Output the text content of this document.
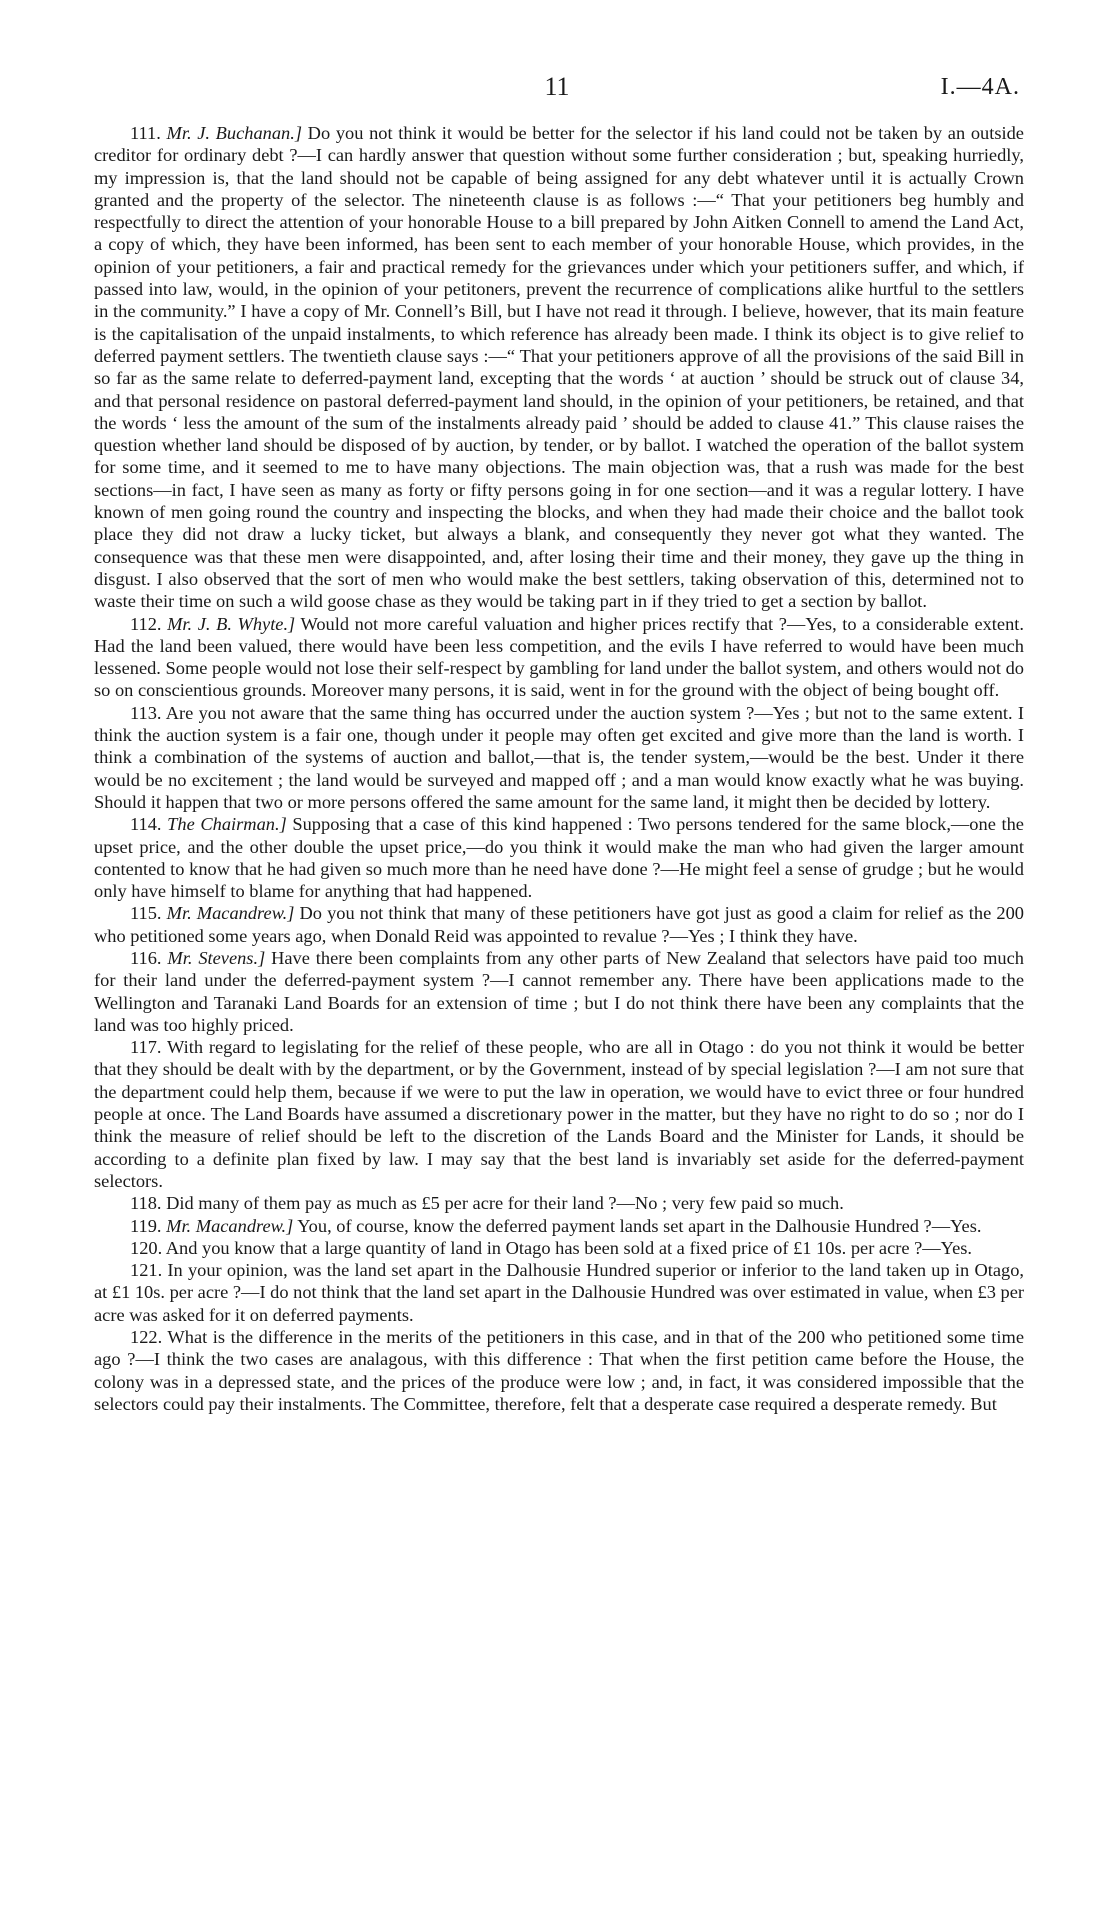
11	I.—4A.

111. Mr. J. Buchanan.] Do you not think it would be better for the selector if his land could not be taken by an outside creditor for ordinary debt ?—I can hardly answer that question without some further consideration ; but, speaking hurriedly, my impression is, that the land should not be capable of being assigned for any debt whatever until it is actually Crown granted and the property of the selector. The nineteenth clause is as follows :—“ That your petitioners beg humbly and respectfully to direct the attention of your honorable House to a bill prepared by John Aitken Connell to amend the Land Act, a copy of which, they have been informed, has been sent to each member of your honorable House, which provides, in the opinion of your petitioners, a fair and practical remedy for the grievances under which your petitioners suffer, and which, if passed into law, would, in the opinion of your petitoners, prevent the recurrence of complications alike hurtful to the settlers in the community.” I have a copy of Mr. Connell’s Bill, but I have not read it through. I believe, however, that its main feature is the capitalisation of the unpaid instalments, to which reference has already been made. I think its object is to give relief to deferred payment settlers. The twentieth clause says :—“ That your petitioners approve of all the provisions of the said Bill in so far as the same relate to deferred-payment land, excepting that the words ‘ at auction ’ should be struck out of clause 34, and that personal residence on pastoral deferred-payment land should, in the opinion of your petitioners, be retained, and that the words ‘ less the amount of the sum of the instalments already paid ’ should be added to clause 41.” This clause raises the question whether land should be disposed of by auction, by tender, or by ballot. I watched the operation of the ballot system for some time, and it seemed to me to have many objections. The main objection was, that a rush was made for the best sections—in fact, I have seen as many as forty or fifty persons going in for one section—and it was a regular lottery. I have known of men going round the country and inspecting the blocks, and when they had made their choice and the ballot took place they did not draw a lucky ticket, but always a blank, and consequently they never got what they wanted. The consequence was that these men were disappointed, and, after losing their time and their money, they gave up the thing in disgust. I also observed that the sort of men who would make the best settlers, taking observation of this, determined not to waste their time on such a wild goose chase as they would be taking part in if they tried to get a section by ballot.

112. Mr. J. B. Whyte.] Would not more careful valuation and higher prices rectify that ?—Yes, to a considerable extent. Had the land been valued, there would have been less competition, and the evils I have referred to would have been much lessened. Some people would not lose their self-respect by gambling for land under the ballot system, and others would not do so on conscientious grounds. Moreover many persons, it is said, went in for the ground with the object of being bought off.

113. Are you not aware that the same thing has occurred under the auction system ?—Yes ; but not to the same extent. I think the auction system is a fair one, though under it people may often get excited and give more than the land is worth. I think a combination of the systems of auction and ballot,—that is, the tender system,—would be the best. Under it there would be no excitement ; the land would be surveyed and mapped off ; and a man would know exactly what he was buying. Should it happen that two or more persons offered the same amount for the same land, it might then be decided by lottery.

114. The Chairman.] Supposing that a case of this kind happened : Two persons tendered for the same block,—one the upset price, and the other double the upset price,—do you think it would make the man who had given the larger amount contented to know that he had given so much more than he need have done ?—He might feel a sense of grudge ; but he would only have himself to blame for anything that had happened.

115. Mr. Macandrew.] Do you not think that many of these petitioners have got just as good a claim for relief as the 200 who petitioned some years ago, when Donald Reid was appointed to revalue ?—Yes ; I think they have.

116. Mr. Stevens.] Have there been complaints from any other parts of New Zealand that selectors have paid too much for their land under the deferred-payment system ?—I cannot remember any. There have been applications made to the Wellington and Taranaki Land Boards for an extension of time ; but I do not think there have been any complaints that the land was too highly priced.

117. With regard to legislating for the relief of these people, who are all in Otago : do you not think it would be better that they should be dealt with by the department, or by the Government, instead of by special legislation ?—I am not sure that the department could help them, because if we were to put the law in operation, we would have to evict three or four hundred people at once. The Land Boards have assumed a discretionary power in the matter, but they have no right to do so ; nor do I think the measure of relief should be left to the discretion of the Lands Board and the Minister for Lands, it should be according to a definite plan fixed by law. I may say that the best land is invariably set aside for the deferred-payment selectors.

118. Did many of them pay as much as £5 per acre for their land ?—No ; very few paid so much.

119. Mr. Macandrew.] You, of course, know the deferred payment lands set apart in the Dalhousie Hundred ?—Yes.

120. And you know that a large quantity of land in Otago has been sold at a fixed price of £1 10s. per acre ?—Yes.

121. In your opinion, was the land set apart in the Dalhousie Hundred superior or inferior to the land taken up in Otago, at £1 10s. per acre ?—I do not think that the land set apart in the Dalhousie Hundred was over estimated in value, when £3 per acre was asked for it on deferred payments.

122. What is the difference in the merits of the petitioners in this case, and in that of the 200 who petitioned some time ago ?—I think the two cases are analagous, with this difference : That when the first petition came before the House, the colony was in a depressed state, and the prices of the produce were low ; and, in fact, it was considered impossible that the selectors could pay their instalments. The Committee, therefore, felt that a desperate case required a desperate remedy. But
